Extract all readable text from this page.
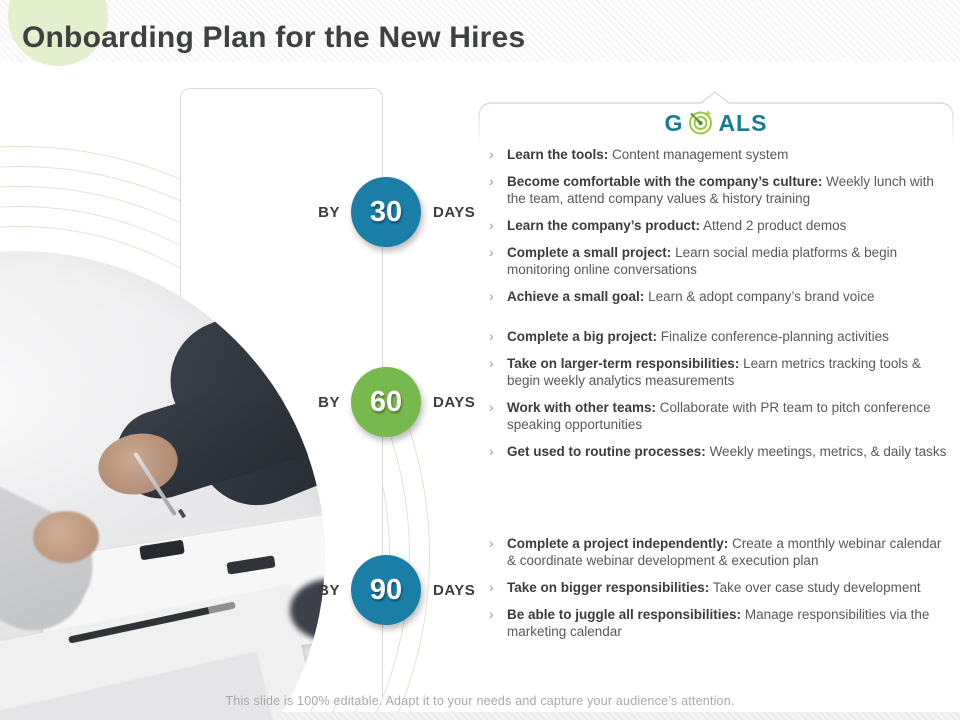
Onboarding Plan for the New Hires
G ALS
› Learn the tools: Content management system
› Become comfortable with the company’s culture: Weekly lunch with the team, attend company values & history training
› Learn the company’s product: Attend 2 product demos
› Complete a small project: Learn social media platforms & begin monitoring online conversations
› Achieve a small goal: Learn & adopt company’s brand voice
› Complete a big project: Finalize conference-planning activities
› Take on larger-term responsibilities: Learn metrics tracking tools & begin weekly analytics measurements
› Work with other teams: Collaborate with PR team to pitch conference speaking opportunities
› Get used to routine processes: Weekly meetings, metrics, & daily tasks
› Complete a project independently: Create a monthly webinar calendar & coordinate webinar development & execution plan
› Take on bigger responsibilities: Take over case study development
› Be able to juggle all responsibilities: Manage responsibilities via the marketing calendar
BY	30	DAYS
BY	60	DAYS
BY	90	DAYS
This slide is 100% editable. Adapt it to your needs and capture your audience’s attention.
